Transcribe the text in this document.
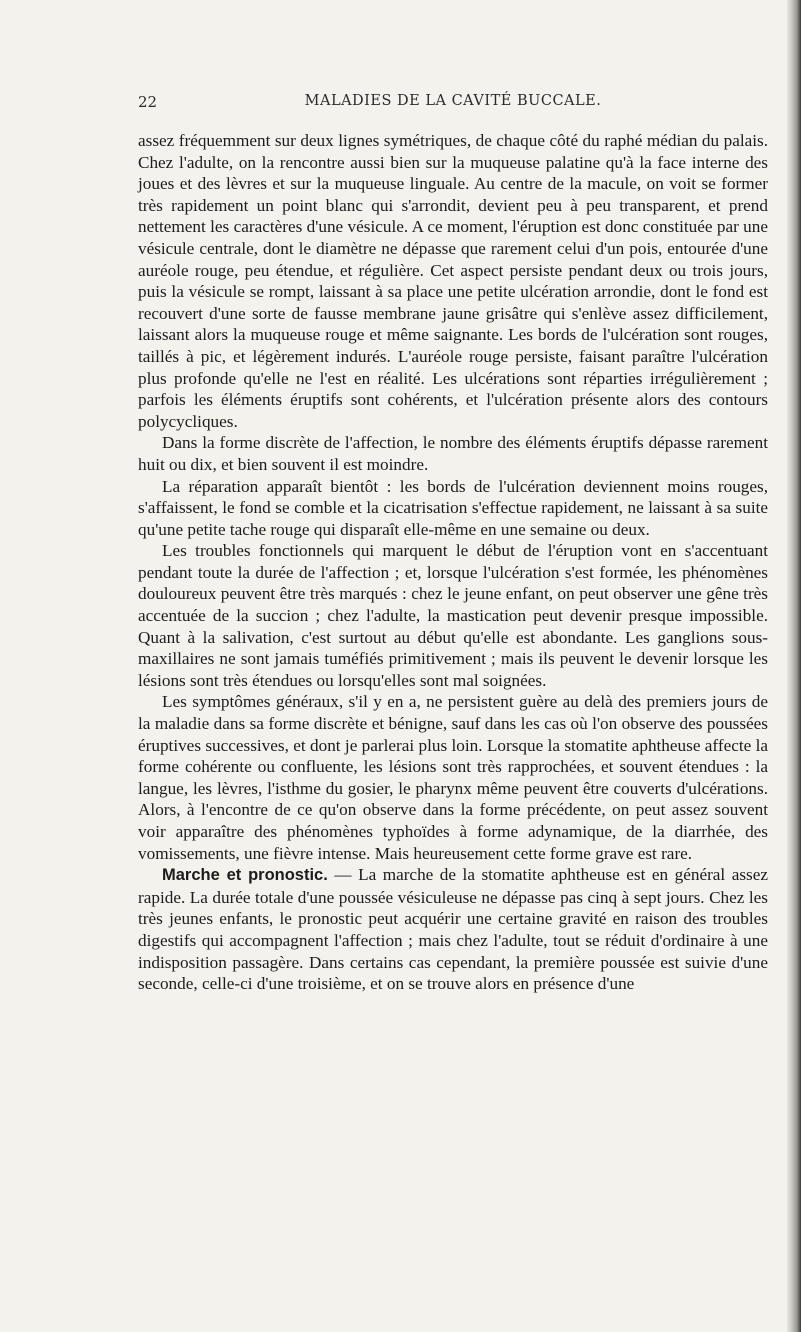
22	MALADIES DE LA CAVITÉ BUCCALE.

assez fréquemment sur deux lignes symétriques, de chaque côté du raphé médian du palais. Chez l'adulte, on la rencontre aussi bien sur la muqueuse palatine qu'à la face interne des joues et des lèvres et sur la muqueuse linguale. Au centre de la macule, on voit se former très rapidement un point blanc qui s'arrondit, devient peu à peu transparent, et prend nettement les caractères d'une vésicule. A ce moment, l'éruption est donc constituée par une vésicule centrale, dont le diamètre ne dépasse que rarement celui d'un pois, entourée d'une auréole rouge, peu étendue, et régulière. Cet aspect persiste pendant deux ou trois jours, puis la vésicule se rompt, laissant à sa place une petite ulcération arrondie, dont le fond est recouvert d'une sorte de fausse membrane jaune grisâtre qui s'enlève assez difficilement, laissant alors la muqueuse rouge et même saignante. Les bords de l'ulcération sont rouges, taillés à pic, et légèrement indurés. L'auréole rouge persiste, faisant paraître l'ulcération plus profonde qu'elle ne l'est en réalité. Les ulcérations sont réparties irrégulièrement ; parfois les éléments éruptifs sont cohérents, et l'ulcération présente alors des contours polycycliques.

Dans la forme discrète de l'affection, le nombre des éléments éruptifs dépasse rarement huit ou dix, et bien souvent il est moindre.

La réparation apparaît bientôt : les bords de l'ulcération deviennent moins rouges, s'affaissent, le fond se comble et la cicatrisation s'effectue rapidement, ne laissant à sa suite qu'une petite tache rouge qui disparaît elle-même en une semaine ou deux.

Les troubles fonctionnels qui marquent le début de l'éruption vont en s'accentuant pendant toute la durée de l'affection ; et, lorsque l'ulcération s'est formée, les phénomènes douloureux peuvent être très marqués : chez le jeune enfant, on peut observer une gêne très accentuée de la succion ; chez l'adulte, la mastication peut devenir presque impossible. Quant à la salivation, c'est surtout au début qu'elle est abondante. Les ganglions sous-maxillaires ne sont jamais tuméfiés primitivement ; mais ils peuvent le devenir lorsque les lésions sont très étendues ou lorsqu'elles sont mal soignées.

Les symptômes généraux, s'il y en a, ne persistent guère au delà des premiers jours de la maladie dans sa forme discrète et bénigne, sauf dans les cas où l'on observe des poussées éruptives successives, et dont je parlerai plus loin. Lorsque la stomatite aphtheuse affecte la forme cohérente ou confluente, les lésions sont très rapprochées, et souvent étendues : la langue, les lèvres, l'isthme du gosier, le pharynx même peuvent être couverts d'ulcérations. Alors, à l'encontre de ce qu'on observe dans la forme précédente, on peut assez souvent voir apparaître des phénomènes typhoïdes à forme adynamique, de la diarrhée, des vomissements, une fièvre intense. Mais heureusement cette forme grave est rare.

Marche et pronostic. — La marche de la stomatite aphtheuse est en général assez rapide. La durée totale d'une poussée vésiculeuse ne dépasse pas cinq à sept jours. Chez les très jeunes enfants, le pronostic peut acquérir une certaine gravité en raison des troubles digestifs qui accompagnent l'affection ; mais chez l'adulte, tout se réduit d'ordinaire à une indisposition passagère. Dans certains cas cependant, la première poussée est suivie d'une seconde, celle-ci d'une troisième, et on se trouve alors en présence d'une
